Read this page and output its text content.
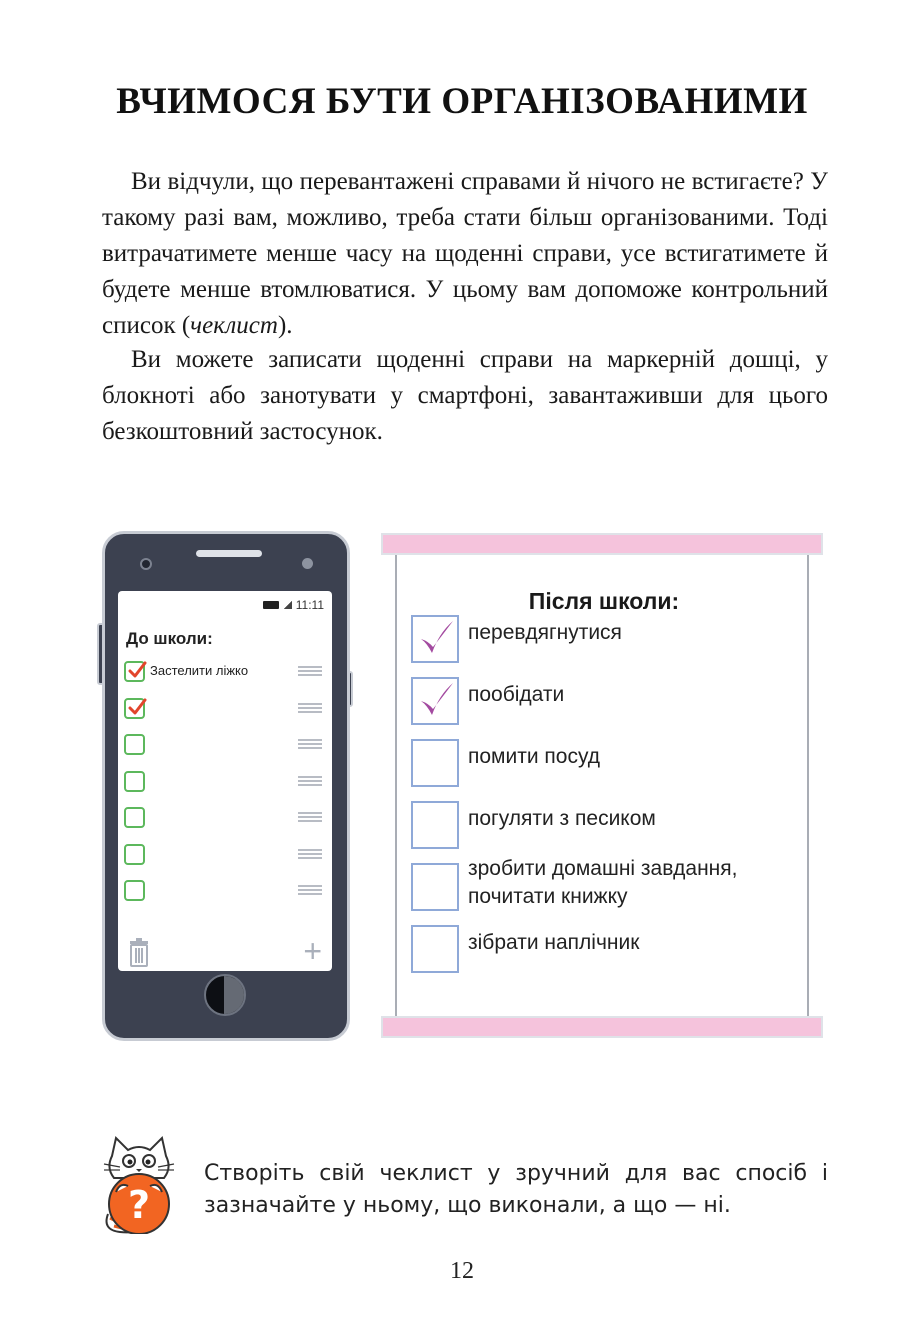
ВЧИМОСЯ БУТИ ОРГАНІЗОВАНИМИ

Ви відчули, що перевантажені справами й нічого не встигаєте? У такому разі вам, можливо, треба стати більш організованими. Тоді витрачатимете менше часу на щоденні справи, усе встигатимете й будете менше втомлюватися. У цьому вам допоможе контрольний список (чеклист).

Ви можете записати щоденні справи на маркерній дошці, у блокноті або занотувати у смартфоні, завантаживши для цього безкоштовний застосунок.

11:11
До школи:
Застелити ліжко
+
Після школи:
перевдягнутися
пообідати
помити посуд
погуляти з песиком
зробити домашні завдання,
почитати книжку
зібрати наплічник
?
Створіть свій чеклист у зручний для вас спосіб і зазначайте у ньому, що виконали, а що — ні.
12
